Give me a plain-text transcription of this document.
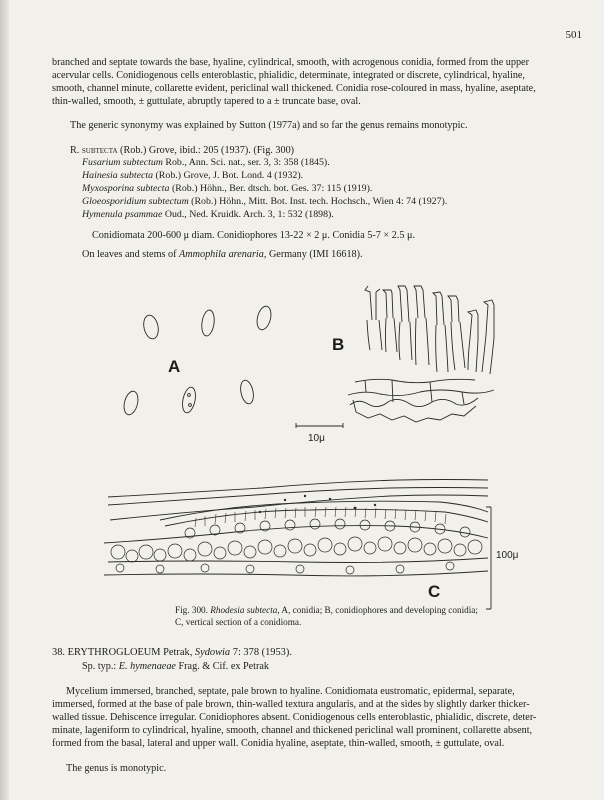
501
branched and septate towards the base, hyaline, cylindrical, smooth, with acrogenous conidia, formed from the upper
acervular cells. Conidiogenous cells enteroblastic, phialidic, determinate, integrated or discrete, cylindrical, hyaline,
smooth, channel minute, collarette evident, periclinal wall thickened. Conidia rose-coloured in mass, hyaline, aseptate,
thin-walled, smooth, ± guttulate, abruptly tapered to a ± truncate base, oval.
The generic synonymy was explained by Sutton (1977a) and so far the genus remains monotypic.
R. subtecta (Rob.) Grove, ibid.: 205 (1937). (Fig. 300)
Fusarium subtectum Rob., Ann. Sci. nat., ser. 3, 3: 358 (1845).
Hainesia subtecta (Rob.) Grove, J. Bot. Lond. 4 (1932).
Myxosporina subtecta (Rob.) Höhn., Ber. dtsch. bot. Ges. 37: 115 (1919).
Gloeosporidium subtectum (Rob.) Höhn., Mitt. Bot. Inst. tech. Hochsch., Wien 4: 74 (1927).
Hymenula psammae Oud., Ned. Kruidk. Arch. 3, 1: 532 (1898).
Conidiomata 200-600 μ diam. Conidiophores 13-22 × 2 μ. Conidia 5-7 × 2.5 μ.
On leaves and stems of Ammophila arenaria, Germany (IMI 16618).
A
B
C
10μ
100μ
Fig. 300. Rhodesia subtecta, A, conidia; B, conidiophores and developing conidia;
C, vertical section of a conidioma.
38. ERYTHROGLOEUM Petrak, Sydowia 7: 378 (1953).
Sp. typ.: E. hymenaeae Frag. & Cif. ex Petrak
Mycelium immersed, branched, septate, pale brown to hyaline. Conidiomata eustromatic, epidermal, separate,
immersed, formed at the base of pale brown, thin-walled textura angularis, and at the sides by slightly darker thicker-
walled tissue. Dehiscence irregular. Conidiophores absent. Conidiogenous cells enteroblastic, phialidic, discrete, deter-
minate, lageniform to cylindrical, hyaline, smooth, channel and thickened periclinal wall prominent, collarette absent,
formed from the basal, lateral and upper wall. Conidia hyaline, aseptate, thin-walled, smooth, ± guttulate, oval.
The genus is monotypic.
